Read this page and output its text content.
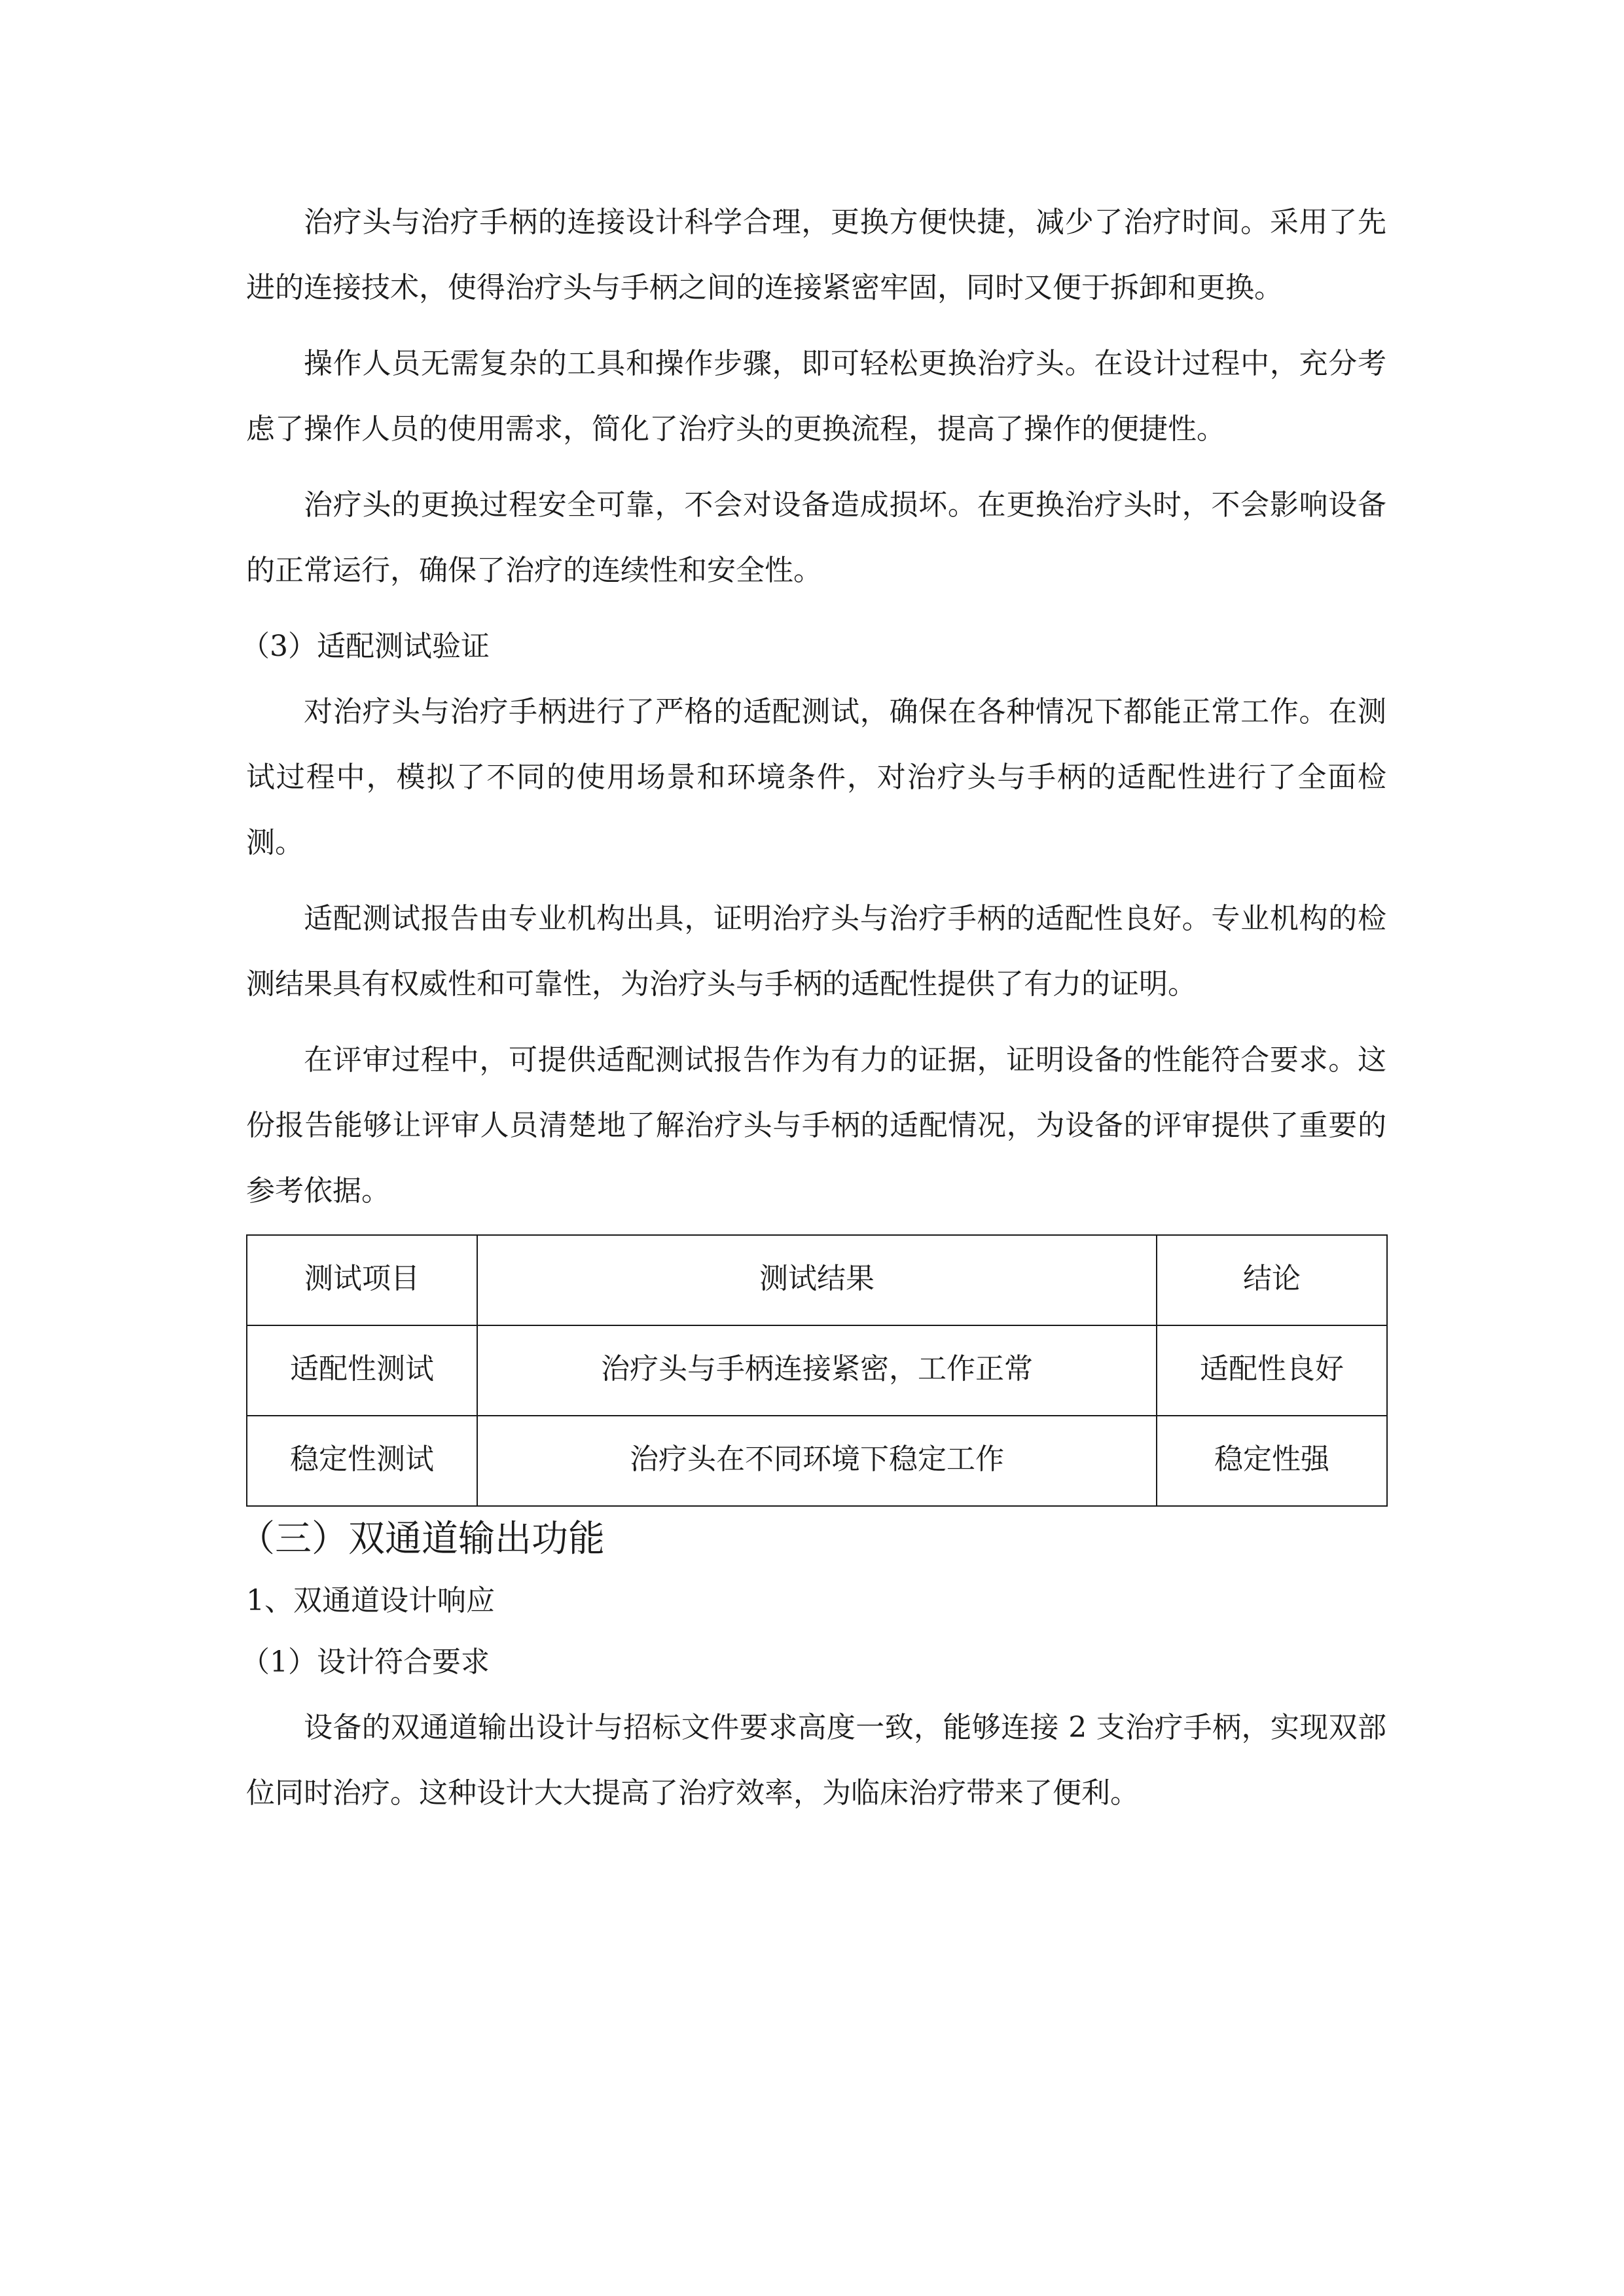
治疗头与治疗手柄的连接设计科学合理，更换方便快捷，减少了治疗时间。采用了先进的连接技术，使得治疗头与手柄之间的连接紧密牢固，同时又便于拆卸和更换。

操作人员无需复杂的工具和操作步骤，即可轻松更换治疗头。在设计过程中，充分考虑了操作人员的使用需求，简化了治疗头的更换流程，提高了操作的便捷性。

治疗头的更换过程安全可靠，不会对设备造成损坏。在更换治疗头时，不会影响设备的正常运行，确保了治疗的连续性和安全性。

（3）适配测试验证

对治疗头与治疗手柄进行了严格的适配测试，确保在各种情况下都能正常工作。在测试过程中，模拟了不同的使用场景和环境条件，对治疗头与手柄的适配性进行了全面检测。

适配测试报告由专业机构出具，证明治疗头与治疗手柄的适配性良好。专业机构的检测结果具有权威性和可靠性，为治疗头与手柄的适配性提供了有力的证明。

在评审过程中，可提供适配测试报告作为有力的证据，证明设备的性能符合要求。这份报告能够让评审人员清楚地了解治疗头与手柄的适配情况，为设备的评审提供了重要的参考依据。

测试项目	测试结果	结论
适配性测试	治疗头与手柄连接紧密，工作正常	适配性良好
稳定性测试	治疗头在不同环境下稳定工作	稳定性强

（三）双通道输出功能

1、双通道设计响应

（1）设计符合要求

设备的双通道输出设计与招标文件要求高度一致，能够连接 2 支治疗手柄，实现双部位同时治疗。这种设计大大提高了治疗效率，为临床治疗带来了便利。
